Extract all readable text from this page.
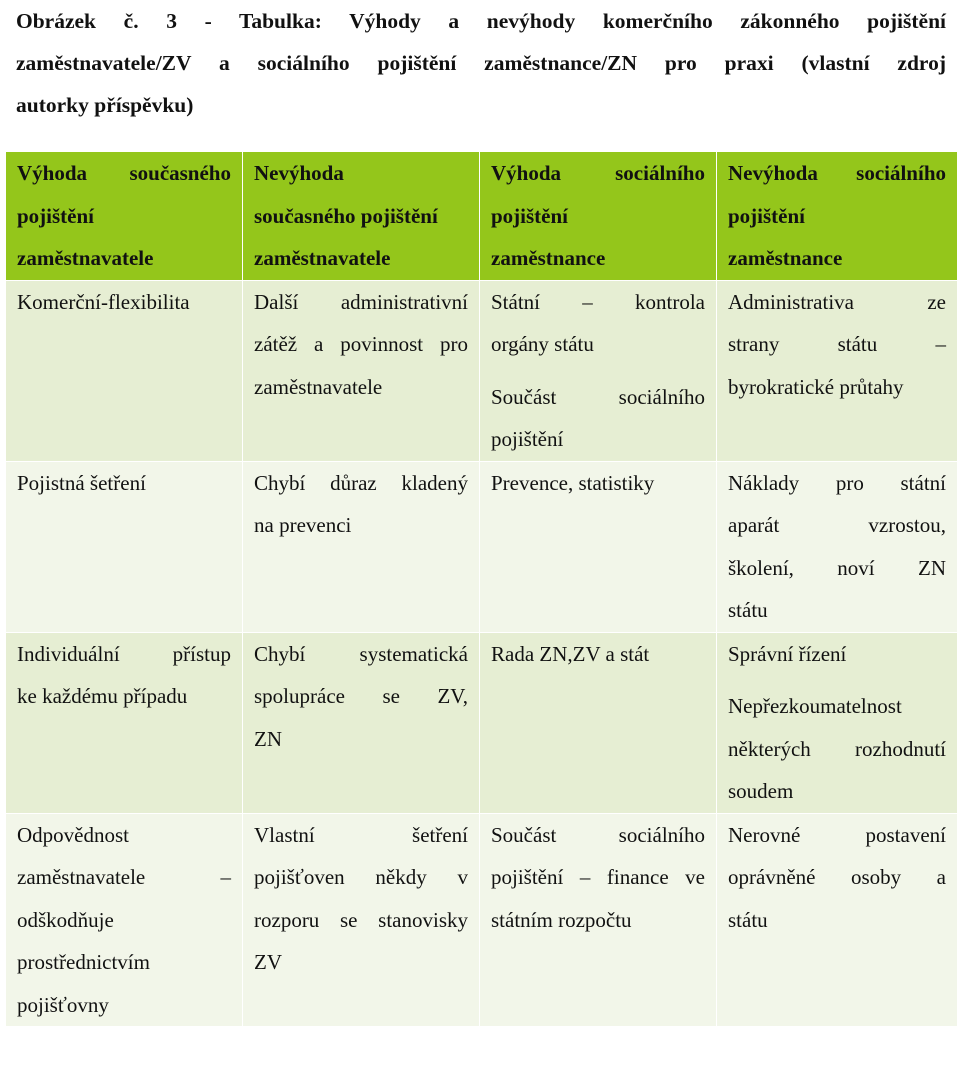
Obrázek č. 3 - Tabulka: Výhody a nevýhody komerčního zákonného pojištění
zaměstnavatele/ZV a sociálního pojištění zaměstnance/ZN pro praxi (vlastní zdroj
autorky příspěvku)
Výhoda současného
pojištění
zaměstnavatele	Nevýhoda
současného pojištění
zaměstnavatele	Výhoda sociálního
pojištění
zaměstnance	Nevýhoda sociálního
pojištění
zaměstnance

Komerční-flexibilita	Další administrativní
zátěž a povinnost pro
zaměstnavatele	Státní – kontrola
orgány státu
Součást sociálního
pojištění	Administrativa ze
strany státu –
byrokratické průtahy

Pojistná šetření	Chybí důraz kladený
na prevenci	Prevence, statistiky	Náklady pro státní
aparát vzrostou,
školení, noví ZN
státu

Individuální přístup
ke každému případu	Chybí systematická
spolupráce se ZV,
ZN	Rada ZN,ZV a stát	Správní řízení
Nepřezkoumatelnost
některých rozhodnutí
soudem

Odpovědnost
zaměstnavatele –
odškodňuje
prostřednictvím
pojišťovny	Vlastní šetření
pojišťoven někdy v
rozporu se stanovisky
ZV	Součást sociálního
pojištění – finance ve
státním rozpočtu	Nerovné postavení
oprávněné osoby a
státu
